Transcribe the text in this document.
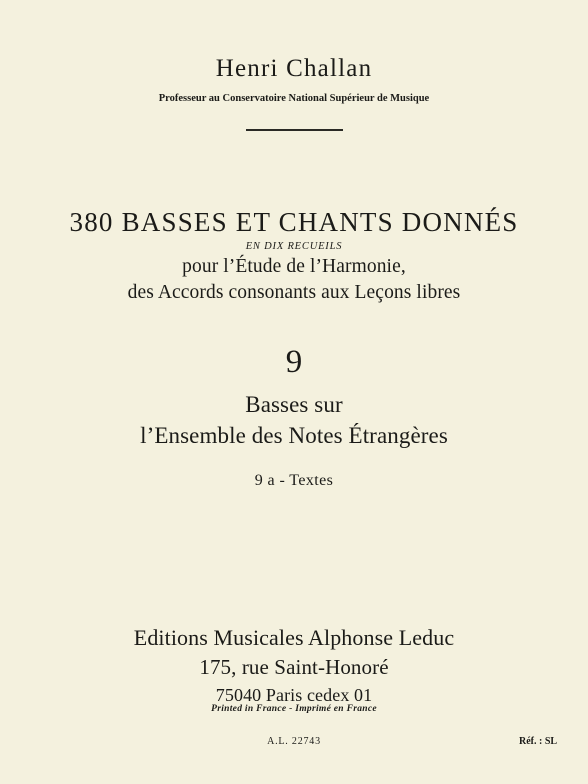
Henri Challan
Professeur au Conservatoire National Supérieur de Musique
380 BASSES ET CHANTS DONNÉS
EN DIX RECUEILS
pour l’Étude de l’Harmonie,
des Accords consonants aux Leçons libres
9
Basses sur
l’Ensemble des Notes Étrangères
9 a - Textes
Editions Musicales Alphonse Leduc
175, rue Saint-Honoré
75040 Paris cedex 01
Printed in France - Imprimé en France
A.L. 22743	Réf. : SL
